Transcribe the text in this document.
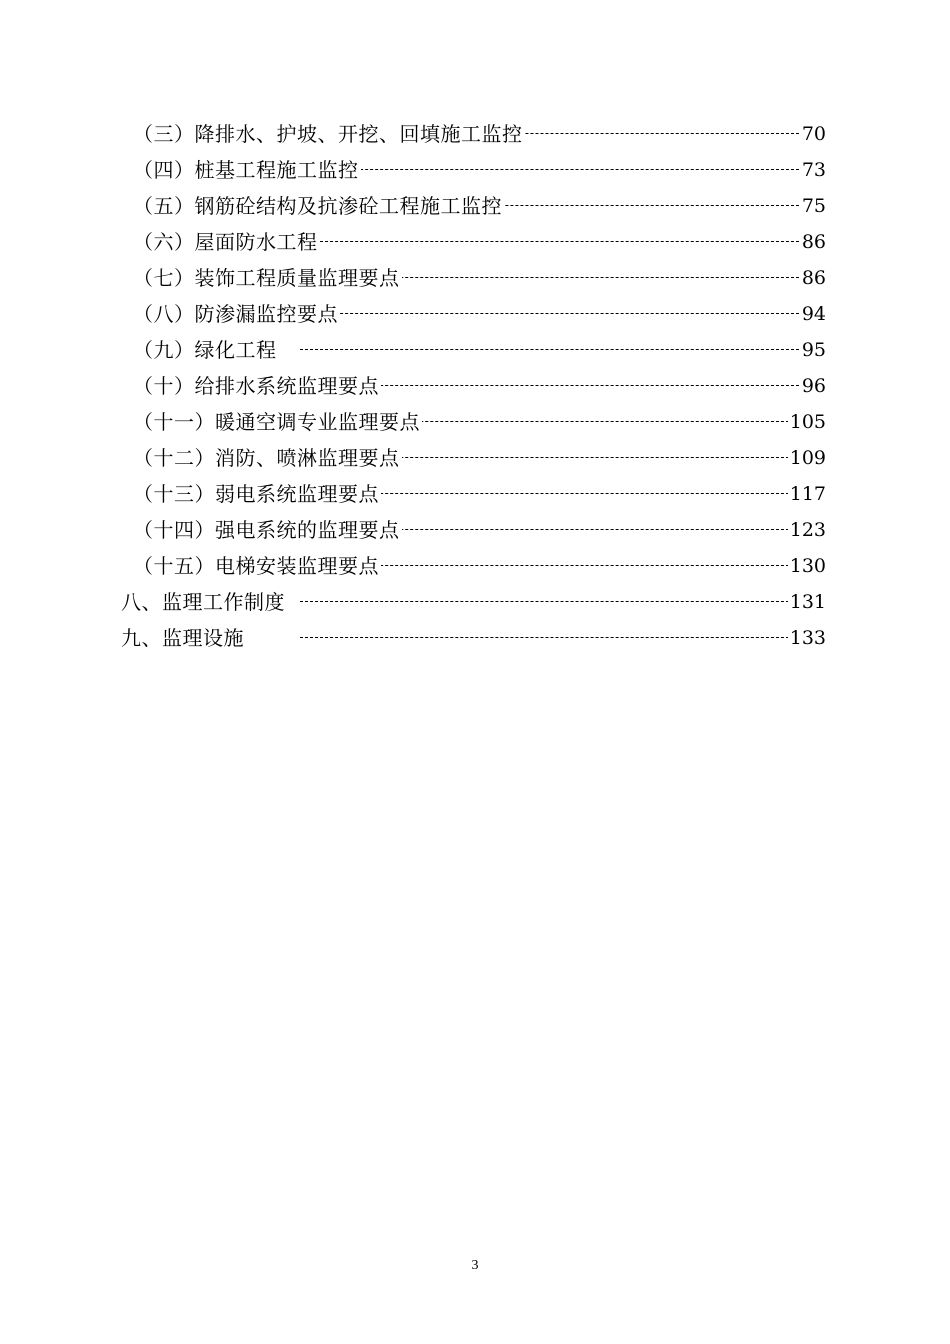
（三）降排水、护坡、开挖、回填施工监控	70
（四）桩基工程施工监控	73
（五）钢筋砼结构及抗渗砼工程施工监控	75
（六）屋面防水工程	86
（七）装饰工程质量监理要点	86
（八）防渗漏监控要点	94
（九）绿化工程	95
（十）给排水系统监理要点	96
（十一）暖通空调专业监理要点	105
（十二）消防、喷淋监理要点	109
（十三）弱电系统监理要点	117
（十四）强电系统的监理要点	123
（十五）电梯安装监理要点	130
八、监理工作制度	131
九、监理设施	133
3
